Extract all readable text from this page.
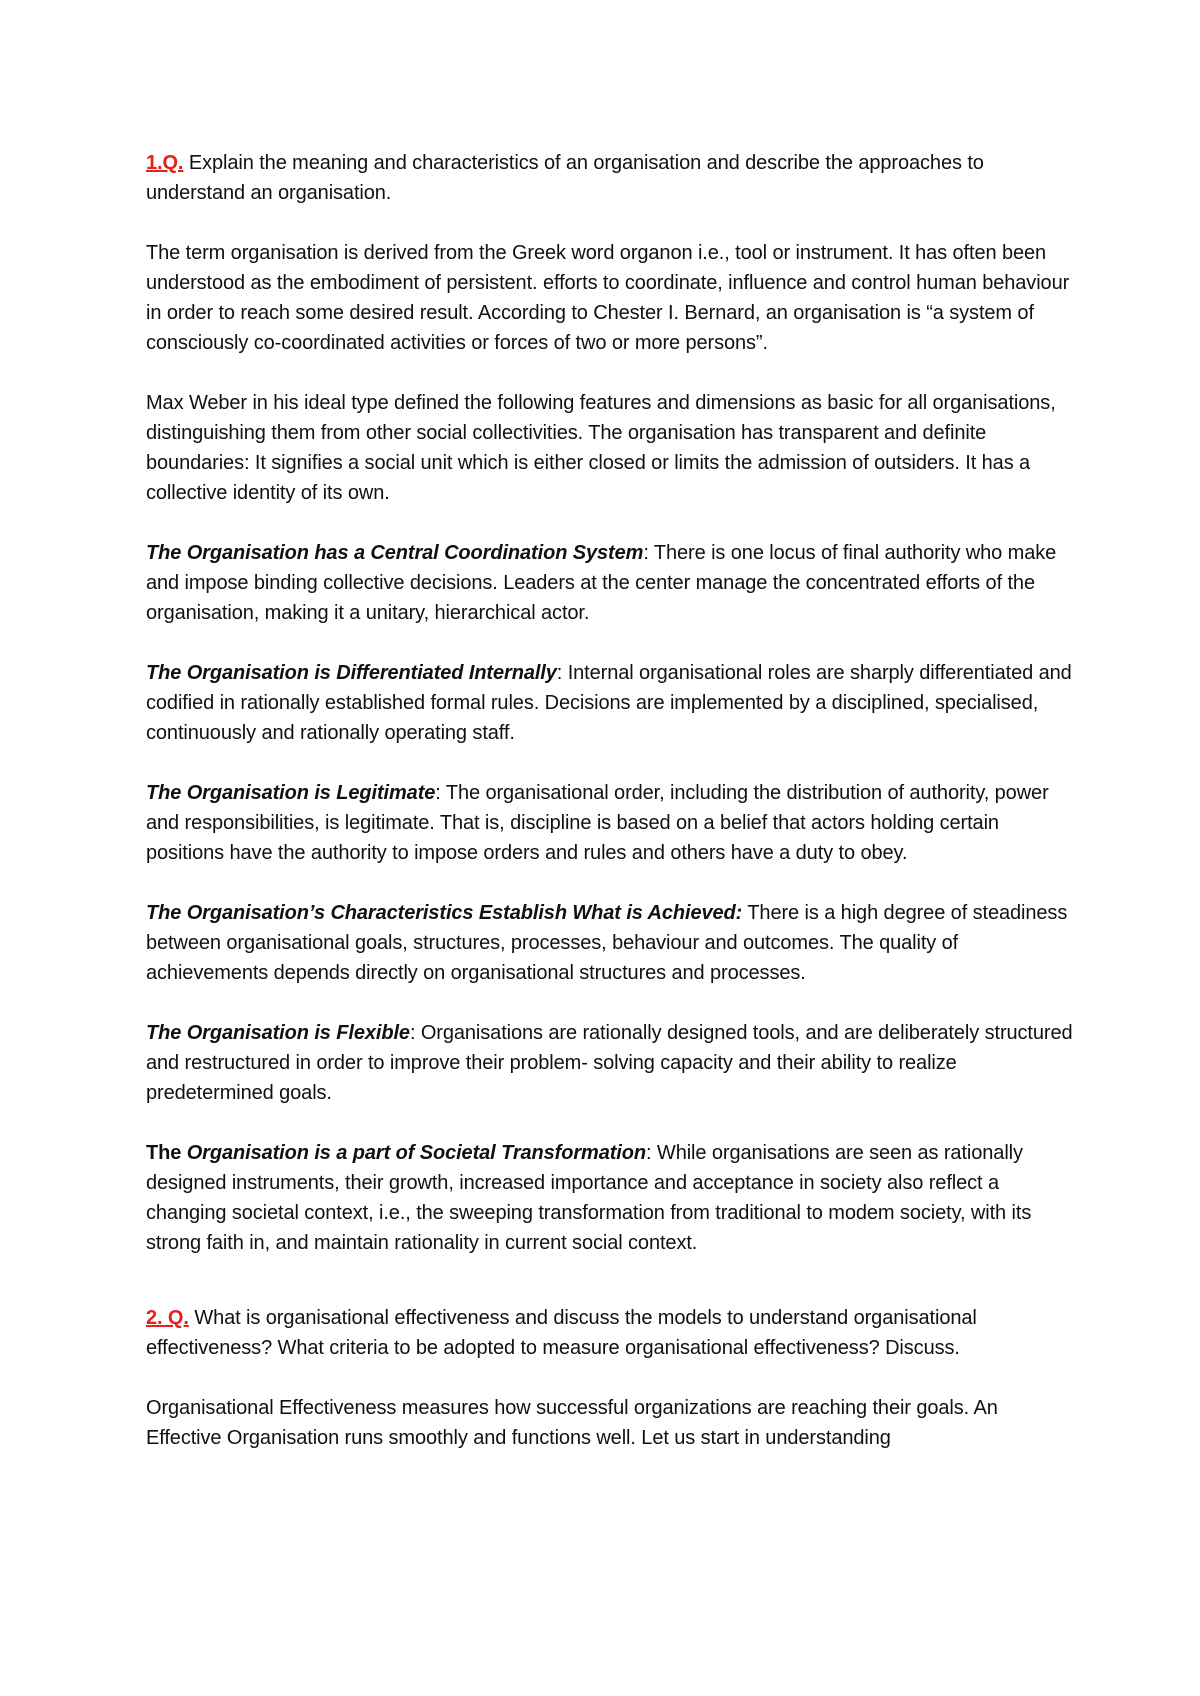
1.Q. Explain the meaning and characteristics of an organisation and describe the approaches to understand an organisation.

The term organisation is derived from the Greek word organon i.e., tool or instrument. It has often been understood as the embodiment of persistent. efforts to coordinate, influence and control human behaviour in order to reach some desired result. According to Chester I. Bernard, an organisation is “a system of consciously co-coordinated activities or forces of two or more persons”.

Max Weber in his ideal type defined the following features and dimensions as basic for all organisations, distinguishing them from other social collectivities. The organisation has transparent and definite boundaries: It signifies a social unit which is either closed or limits the admission of outsiders. It has a collective identity of its own.

The Organisation has a Central Coordination System: There is one locus of final authority who make and impose binding collective decisions. Leaders at the center manage the concentrated efforts of the organisation, making it a unitary, hierarchical actor.

The Organisation is Differentiated Internally: Internal organisational roles are sharply differentiated and codified in rationally established formal rules. Decisions are implemented by a disciplined, specialised, continuously and rationally operating staff.

The Organisation is Legitimate: The organisational order, including the distribution of authority, power and responsibilities, is legitimate. That is, discipline is based on a belief that actors holding certain positions have the authority to impose orders and rules and others have a duty to obey.

The Organisation’s Characteristics Establish What is Achieved: There is a high degree of steadiness between organisational goals, structures, processes, behaviour and outcomes. The quality of achievements depends directly on organisational structures and processes.

The Organisation is Flexible: Organisations are rationally designed tools, and are deliberately structured and restructured in order to improve their problem- solving capacity and their ability to realize predetermined goals.

The Organisation is a part of Societal Transformation: While organisations are seen as rationally designed instruments, their growth, increased importance and acceptance in society also reflect a changing societal context, i.e., the sweeping transformation from traditional to modem society, with its strong faith in, and maintain rationality in current social context.

2. Q. What is organisational effectiveness and discuss the models to understand organisational effectiveness? What criteria to be adopted to measure organisational effectiveness? Discuss.

Organisational Effectiveness measures how successful organizations are reaching their goals. An Effective Organisation runs smoothly and functions well. Let us start in understanding
